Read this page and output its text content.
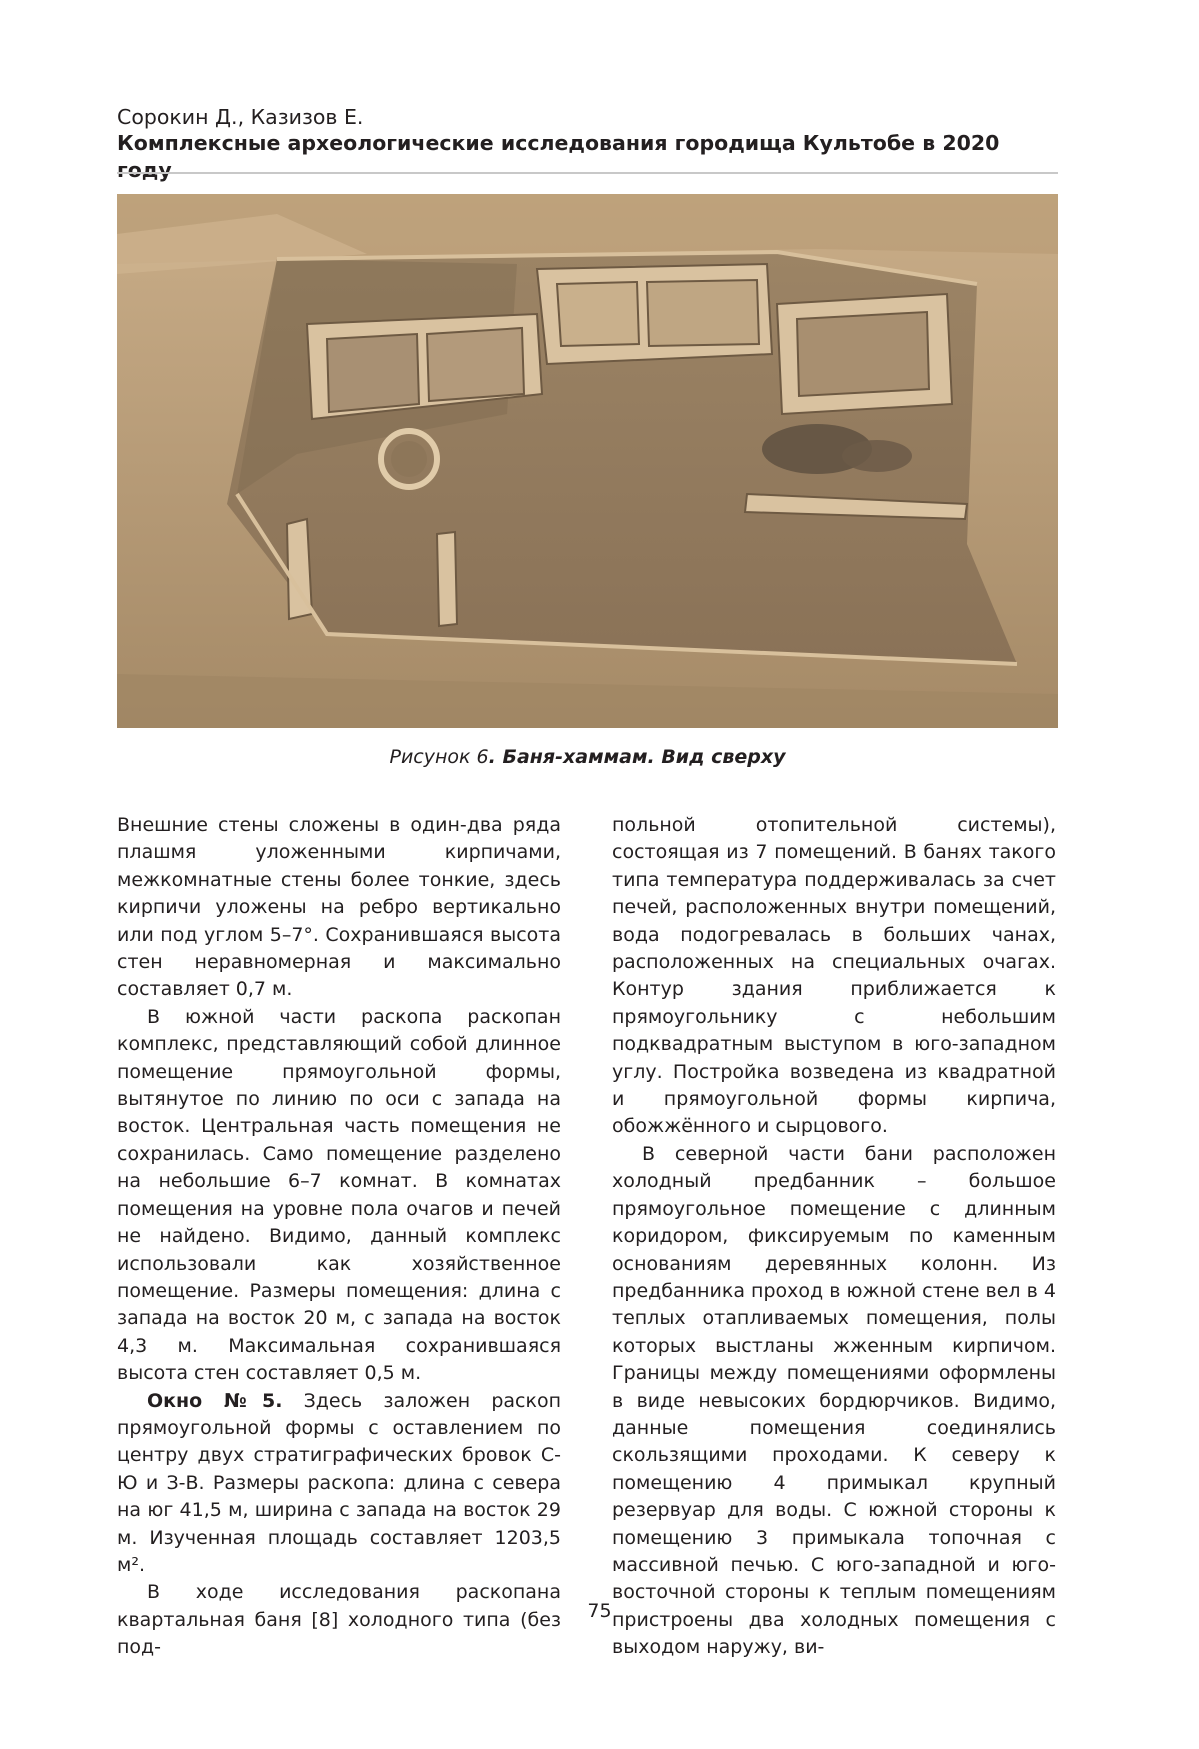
Сорокин Д., Казизов Е.

Комплексные археологические исследования городища Культобе в 2020 году

Рисунок 6. Баня-хаммам. Вид сверху

Внешние стены сложены в один-два ряда плашмя уложенными кирпичами, межкомнатные стены более тонкие, здесь кирпичи уложены на ребро вертикально или под углом 5–7°. Сохранившаяся высота стен неравномерная и максимально составляет 0,7 м.

В южной части раскопа раскопан комплекс, представляющий собой длинное помещение прямоугольной формы, вытянутое по линию по оси с запада на восток. Центральная часть помещения не сохранилась. Само помещение разделено на небольшие 6–7 комнат. В комнатах помещения на уровне пола очагов и печей не найдено. Видимо, данный комплекс использовали как хозяйственное помещение. Размеры помещения: длина с запада на восток 20 м, с запада на восток 4,3 м. Максимальная сохранившаяся высота стен составляет 0,5 м.

Окно №5. Здесь заложен раскоп прямоугольной формы с оставлением по центру двух стратиграфических бровок С-Ю и З-В. Размеры раскопа: длина с севера на юг 41,5 м, ширина с запада на восток 29 м. Изученная площадь составляет 1203,5 м².

В ходе исследования раскопана квартальная баня [8] холодного типа (без под-

польной отопительной системы), состоящая из 7 помещений. В банях такого типа температура поддерживалась за счет печей, расположенных внутри помещений, вода подогревалась в больших чанах, расположенных на специальных очагах. Контур здания приближается к прямоугольнику с небольшим подквадратным выступом в юго-западном углу. Постройка возведена из квадратной и прямоугольной формы кирпича, обожжённого и сырцового.

В северной части бани расположен холодный предбанник – большое прямоугольное помещение с длинным коридором, фиксируемым по каменным основаниям деревянных колонн. Из предбанника проход в южной стене вел в 4 теплых отапливаемых помещения, полы которых выстланы жженным кирпичом. Границы между помещениями оформлены в виде невысоких бордюрчиков. Видимо, данные помещения соединялись скользящими проходами. К северу к помещению 4 примыкал крупный резервуар для воды. С южной стороны к помещению 3 примыкала топочная с массивной печью. С юго-западной и юго-восточной стороны к теплым помещениям пристроены два холодных помещения с выходом наружу, ви-

75
